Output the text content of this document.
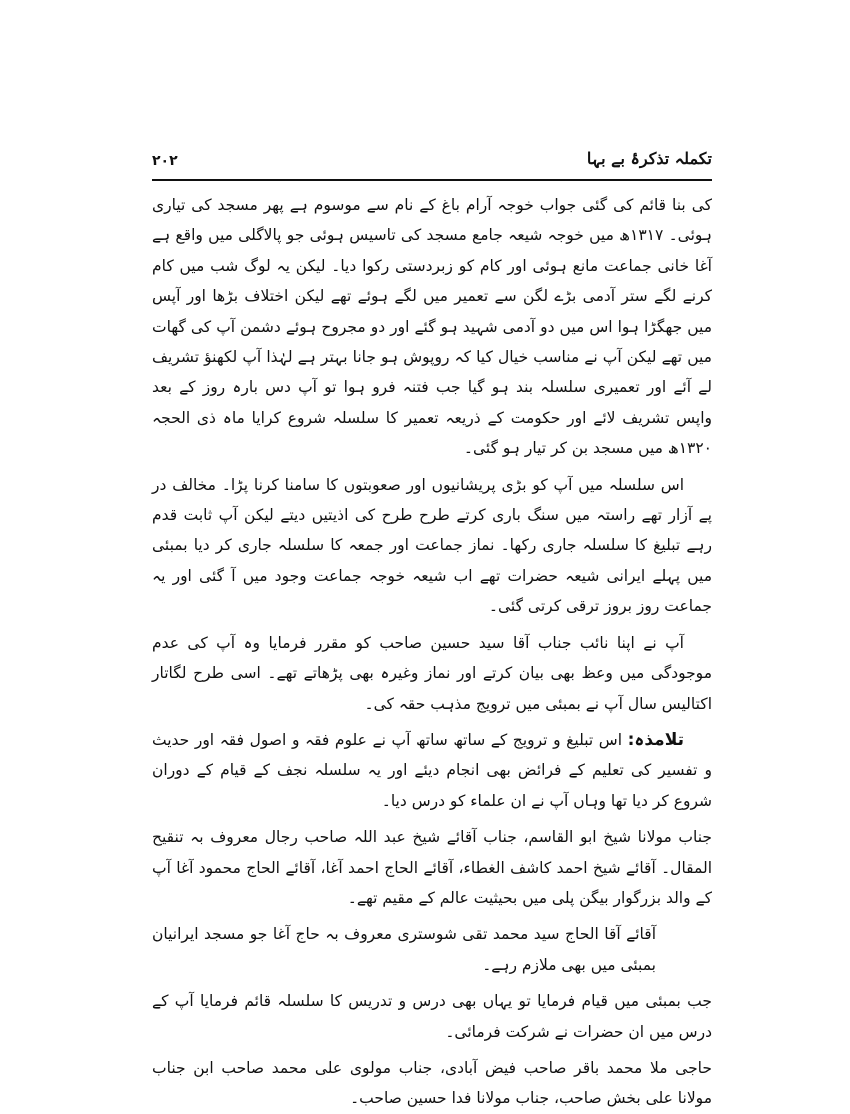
۲۰۲	تکملہ تذکرۂ بے بہا

کی بنا قائم کی گئی جواب خوجہ آرام باغ کے نام سے موسوم ہے پھر مسجد کی تیاری ہوئی۔ ۱۳۱۷ھ میں خوجہ شیعہ جامع مسجد کی تاسیس ہوئی جو پالاگلی میں واقع ہے آغا خانی جماعت مانع ہوئی اور کام کو زبردستی رکوا دیا۔ لیکن یہ لوگ شب میں کام کرنے لگے ستر آدمی بڑے لگن سے تعمیر میں لگے ہوئے تھے لیکن اختلاف بڑھا اور آپس میں جھگڑا ہوا اس میں دو آدمی شہید ہو گئے اور دو مجروح ہوئے دشمن آپ کی گھات میں تھے لیکن آپ نے مناسب خیال کیا کہ روپوش ہو جانا بہتر ہے لہٰذا آپ لکھنؤ تشریف لے آئے اور تعمیری سلسلہ بند ہو گیا جب فتنہ فرو ہوا تو آپ دس بارہ روز کے بعد واپس تشریف لائے اور حکومت کے ذریعہ تعمیر کا سلسلہ شروع کرایا ماہ ذی الحجہ ۱۳۲۰ھ میں مسجد بن کر تیار ہو گئی۔

اس سلسلہ میں آپ کو بڑی پریشانیوں اور صعوبتوں کا سامنا کرنا پڑا۔ مخالف در پے آزار تھے راستہ میں سنگ باری کرتے طرح طرح کی اذیتیں دیتے لیکن آپ ثابت قدم رہے تبلیغ کا سلسلہ جاری رکھا۔ نماز جماعت اور جمعہ کا سلسلہ جاری کر دیا بمبئی میں پہلے ایرانی شیعہ حضرات تھے اب شیعہ خوجہ جماعت وجود میں آ گئی اور یہ جماعت روز بروز ترقی کرتی گئی۔

آپ نے اپنا نائب جناب آقا سید حسین صاحب کو مقرر فرمایا وہ آپ کی عدم موجودگی میں وعظ بھی بیان کرتے اور نماز وغیرہ بھی پڑھاتے تھے۔ اسی طرح لگاتار اکتالیس سال آپ نے بمبئی میں ترویج مذہب حقہ کی۔

تلامذہ: اس تبلیغ و ترویج کے ساتھ ساتھ آپ نے علوم فقہ و اصول فقہ اور حدیث و تفسیر کی تعلیم کے فرائض بھی انجام دیئے اور یہ سلسلہ نجف کے قیام کے دوران شروع کر دیا تھا وہاں آپ نے ان علماء کو درس دیا۔

جناب مولانا شیخ ابو القاسم، جناب آقائے شیخ عبد اللہ صاحب رجال معروف بہ تنقیح المقال۔ آقائے شیخ احمد کاشف الغطاء، آقائے الحاج احمد آغا، آقائے الحاج محمود آغا آپ کے والد بزرگوار بیگن پلی میں بحیثیت عالم کے مقیم تھے۔

آقائے آقا الحاج سید محمد تقی شوستری معروف بہ حاج آغا جو مسجد ایرانیان بمبئی میں بھی ملازم رہے۔

جب بمبئی میں قیام فرمایا تو یہاں بھی درس و تدریس کا سلسلہ قائم فرمایا آپ کے درس میں ان حضرات نے شرکت فرمائی۔

حاجی ملا محمد باقر صاحب فیض آبادی، جناب مولوی علی محمد صاحب ابن جناب مولانا علی بخش صاحب، جناب مولانا فدا حسین صاحب۔
